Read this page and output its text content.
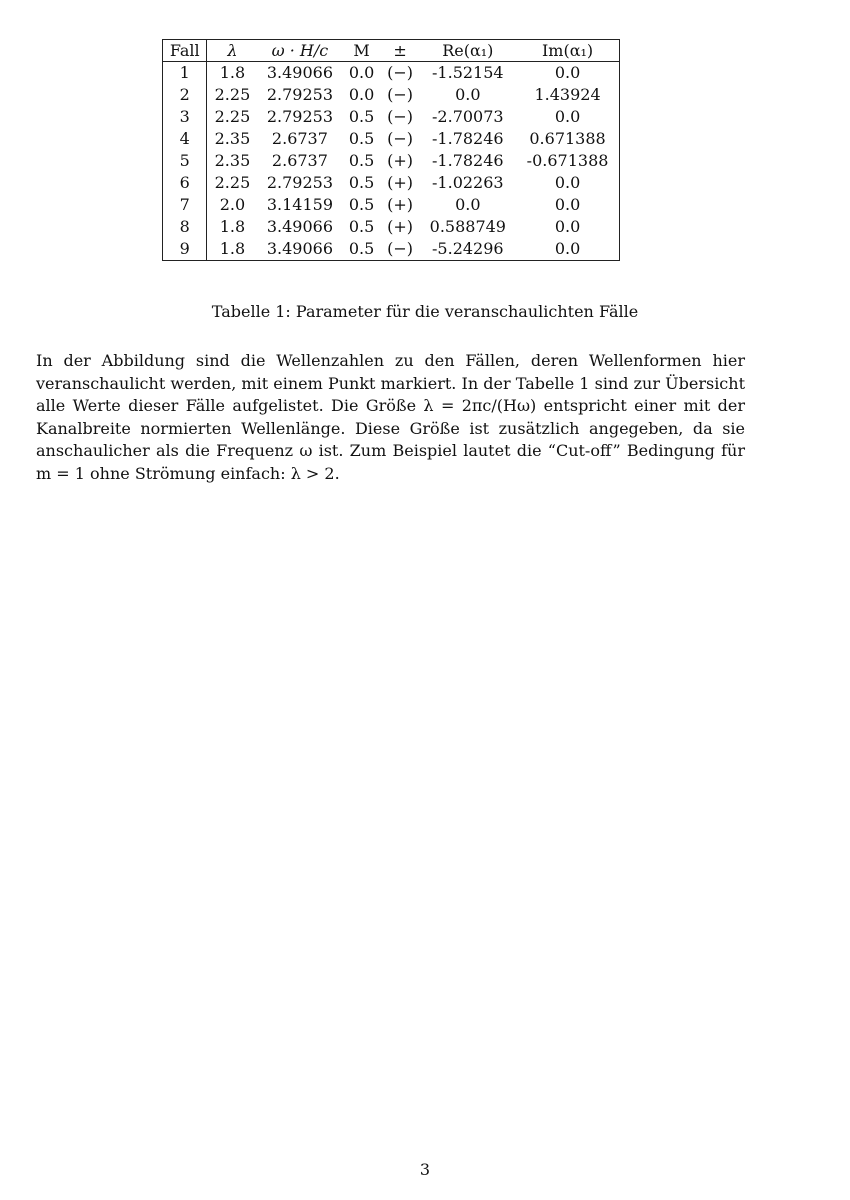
Fall	λ	ω · H/c	M	±	Re(α₁)	Im(α₁)
1	1.8	3.49066	0.0	(−)	-1.52154	0.0
2	2.25	2.79253	0.0	(−)	0.0	1.43924
3	2.25	2.79253	0.5	(−)	-2.70073	0.0
4	2.35	2.6737	0.5	(−)	-1.78246	0.671388
5	2.35	2.6737	0.5	(+)	-1.78246	-0.671388
6	2.25	2.79253	0.5	(+)	-1.02263	0.0
7	2.0	3.14159	0.5	(+)	0.0	0.0
8	1.8	3.49066	0.5	(+)	0.588749	0.0
9	1.8	3.49066	0.5	(−)	-5.24296	0.0
Tabelle 1: Parameter für die veranschaulichten Fälle

In der Abbildung sind die Wellenzahlen zu den Fällen, deren Wellenformen hier veranschaulicht werden, mit einem Punkt markiert. In der Tabelle 1 sind zur Übersicht alle Werte dieser Fälle aufgelistet. Die Größe λ = 2πc/(Hω) entspricht einer mit der Kanalbreite normierten Wellenlänge. Diese Größe ist zusätzlich angegeben, da sie anschaulicher als die Frequenz ω ist. Zum Beispiel lautet die “Cut-off” Bedingung für m = 1 ohne Strömung einfach: λ > 2.

3
